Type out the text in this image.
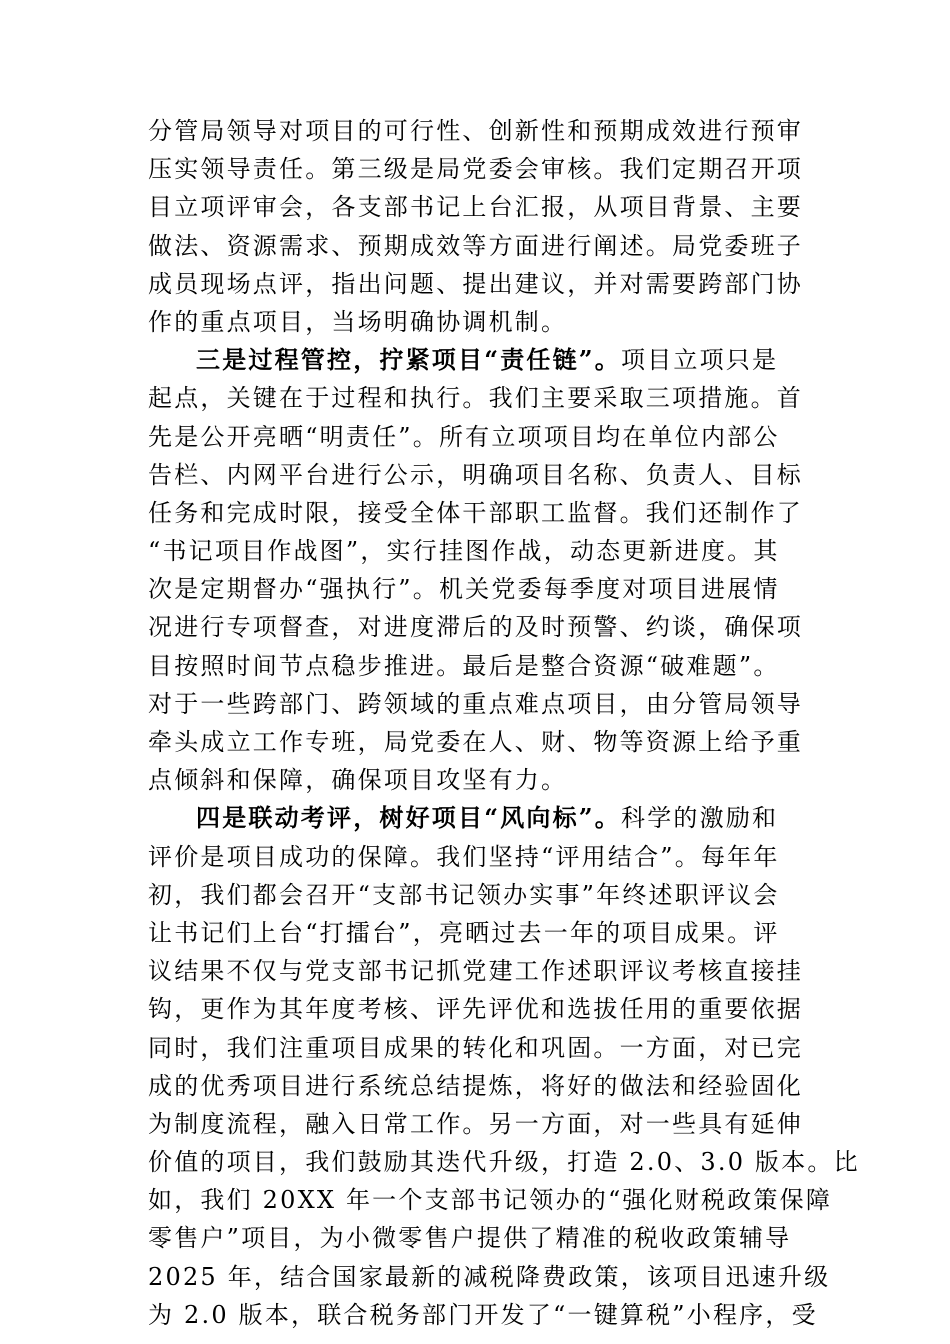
分管局领导对项目的可行性、创新性和预期成效进行预审
压实领导责任。第三级是局党委会审核。我们定期召开项
目立项评审会，各支部书记上台汇报，从项目背景、主要
做法、资源需求、预期成效等方面进行阐述。局党委班子
成员现场点评，指出问题、提出建议，并对需要跨部门协
作的重点项目，当场明确协调机制。
三是过程管控，拧紧项目“责任链”。项目立项只是
起点，关键在于过程和执行。我们主要采取三项措施。首
先是公开亮晒“明责任”。所有立项项目均在单位内部公
告栏、内网平台进行公示，明确项目名称、负责人、目标
任务和完成时限，接受全体干部职工监督。我们还制作了
“书记项目作战图”，实行挂图作战，动态更新进度。其
次是定期督办“强执行”。机关党委每季度对项目进展情
况进行专项督查，对进度滞后的及时预警、约谈，确保项
目按照时间节点稳步推进。最后是整合资源“破难题”。
对于一些跨部门、跨领域的重点难点项目，由分管局领导
牵头成立工作专班，局党委在人、财、物等资源上给予重
点倾斜和保障，确保项目攻坚有力。
四是联动考评，树好项目“风向标”。科学的激励和
评价是项目成功的保障。我们坚持“评用结合”。每年年
初，我们都会召开“支部书记领办实事”年终述职评议会
让书记们上台“打擂台”，亮晒过去一年的项目成果。评
议结果不仅与党支部书记抓党建工作述职评议考核直接挂
钩，更作为其年度考核、评先评优和选拔任用的重要依据
同时，我们注重项目成果的转化和巩固。一方面，对已完
成的优秀项目进行系统总结提炼，将好的做法和经验固化
为制度流程，融入日常工作。另一方面，对一些具有延伸
价值的项目，我们鼓励其迭代升级，打造 2.0、3.0 版本。比
如，我们 20XX 年一个支部书记领办的“强化财税政策保障
零售户”项目，为小微零售户提供了精准的税收政策辅导
2025 年，结合国家最新的减税降费政策，该项目迅速升级
为 2.0 版本，联合税务部门开发了“一键算税”小程序，受
